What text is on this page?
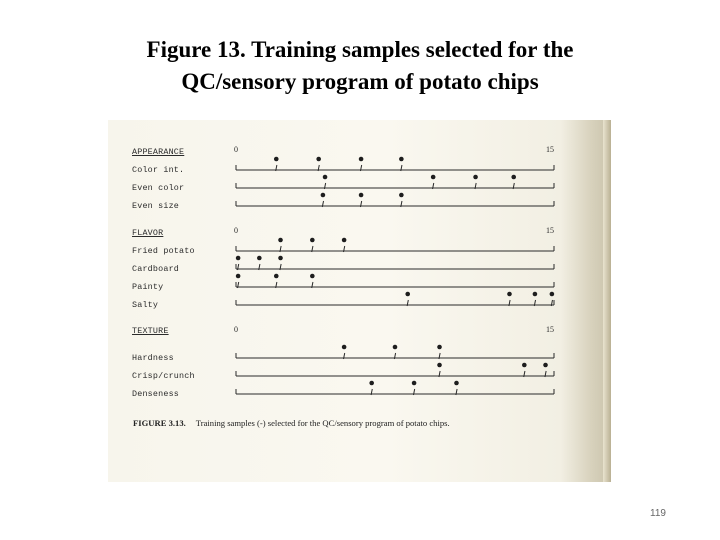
Figure 13. Training samples selected for the
QC/sensory program of potato chips
APPEARANCE
FLAVOR
TEXTURE
0	15
0	15
0	15
Color int.
Even color
Even size
Fried potato
Cardboard
Painty
Salty
Hardness
Crisp/crunch
Denseness
FIGURE 3.13. Training samples (-) selected for the QC/sensory program of potato chips.
119
